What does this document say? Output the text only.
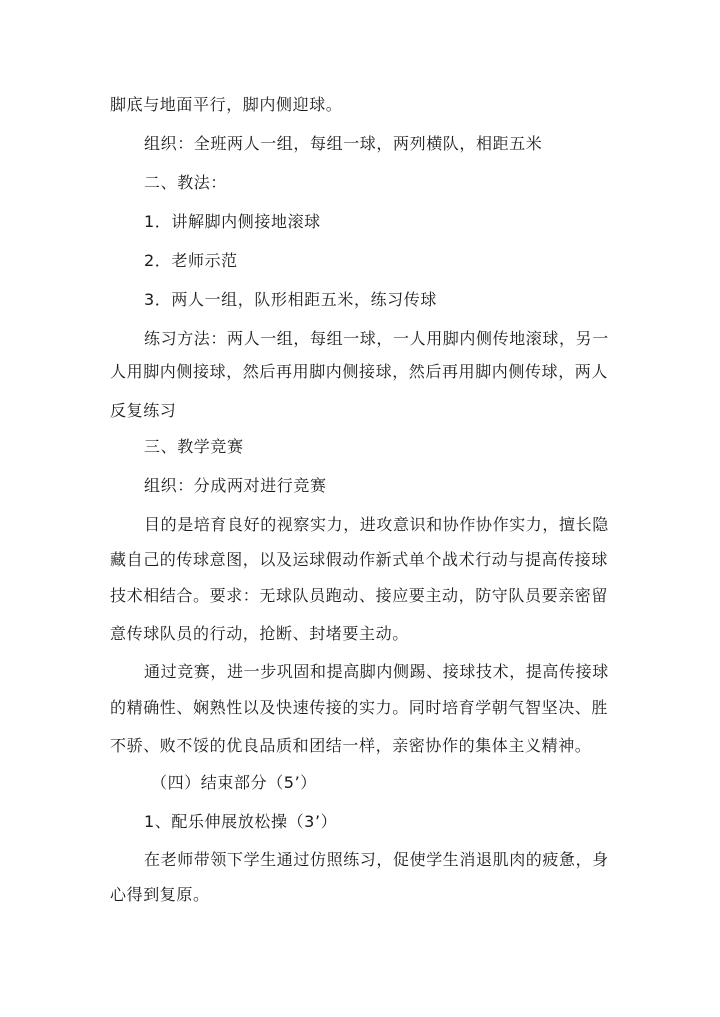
脚底与地面平行，脚内侧迎球。
组织：全班两人一组，每组一球，两列横队，相距五米
二、教法：
1．讲解脚内侧接地滚球
2．老师示范
3．两人一组，队形相距五米，练习传球
练习方法：两人一组，每组一球，一人用脚内侧传地滚球，另一
人用脚内侧接球，然后再用脚内侧接球，然后再用脚内侧传球，两人
反复练习
三、教学竞赛
组织：分成两对进行竞赛
目的是培育良好的视察实力，进攻意识和协作协作实力，擅长隐
藏自己的传球意图，以及运球假动作新式单个战术行动与提高传接球
技术相结合。要求：无球队员跑动、接应要主动，防守队员要亲密留
意传球队员的行动，抢断、封堵要主动。
通过竞赛，进一步巩固和提高脚内侧踢、接球技术，提高传接球
的精确性、娴熟性以及快速传接的实力。同时培育学朝气智坚决、胜
不骄、败不馁的优良品质和团结一样，亲密协作的集体主义精神。
（四）结束部分（5’）
1、配乐伸展放松操（3’）
在老师带领下学生通过仿照练习，促使学生消退肌肉的疲惫，身
心得到复原。
